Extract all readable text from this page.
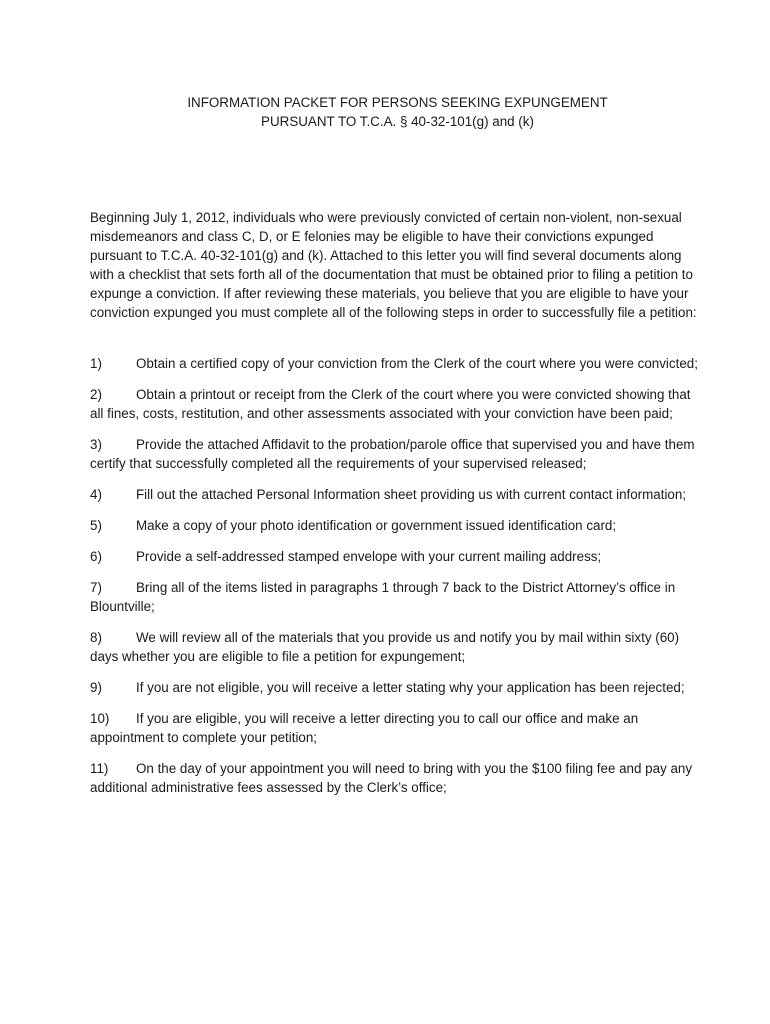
INFORMATION PACKET FOR PERSONS SEEKING EXPUNGEMENT
PURSUANT TO T.C.A. § 40-32-101(g) and (k)

Beginning July 1, 2012, individuals who were previously convicted of certain non-violent, non-sexual misdemeanors and class C, D, or E felonies may be eligible to have their convictions expunged pursuant to T.C.A. 40-32-101(g) and (k). Attached to this letter you will find several documents along with a checklist that sets forth all of the documentation that must be obtained prior to filing a petition to expunge a conviction. If after reviewing these materials, you believe that you are eligible to have your conviction expunged you must complete all of the following steps in order to successfully file a petition:

1)	Obtain a certified copy of your conviction from the Clerk of the court where you were convicted;

2)	Obtain a printout or receipt from the Clerk of the court where you were convicted showing that all fines, costs, restitution, and other assessments associated with your conviction have been paid;

3)	Provide the attached Affidavit to the probation/parole office that supervised you and have them certify that successfully completed all the requirements of your supervised released;

4)	Fill out the attached Personal Information sheet providing us with current contact information;

5)	Make a copy of your photo identification or government issued identification card;

6)	Provide a self-addressed stamped envelope with your current mailing address;

7)	Bring all of the items listed in paragraphs 1 through 7 back to the District Attorney’s office in Blountville;

8)	We will review all of the materials that you provide us and notify you by mail within sixty (60) days whether you are eligible to file a petition for expungement;

9)	If you are not eligible, you will receive a letter stating why your application has been rejected;

10) If you are eligible, you will receive a letter directing you to call our office and make an appointment to complete your petition;

11) On the day of your appointment you will need to bring with you the $100 filing fee and pay any additional administrative fees assessed by the Clerk’s office;
